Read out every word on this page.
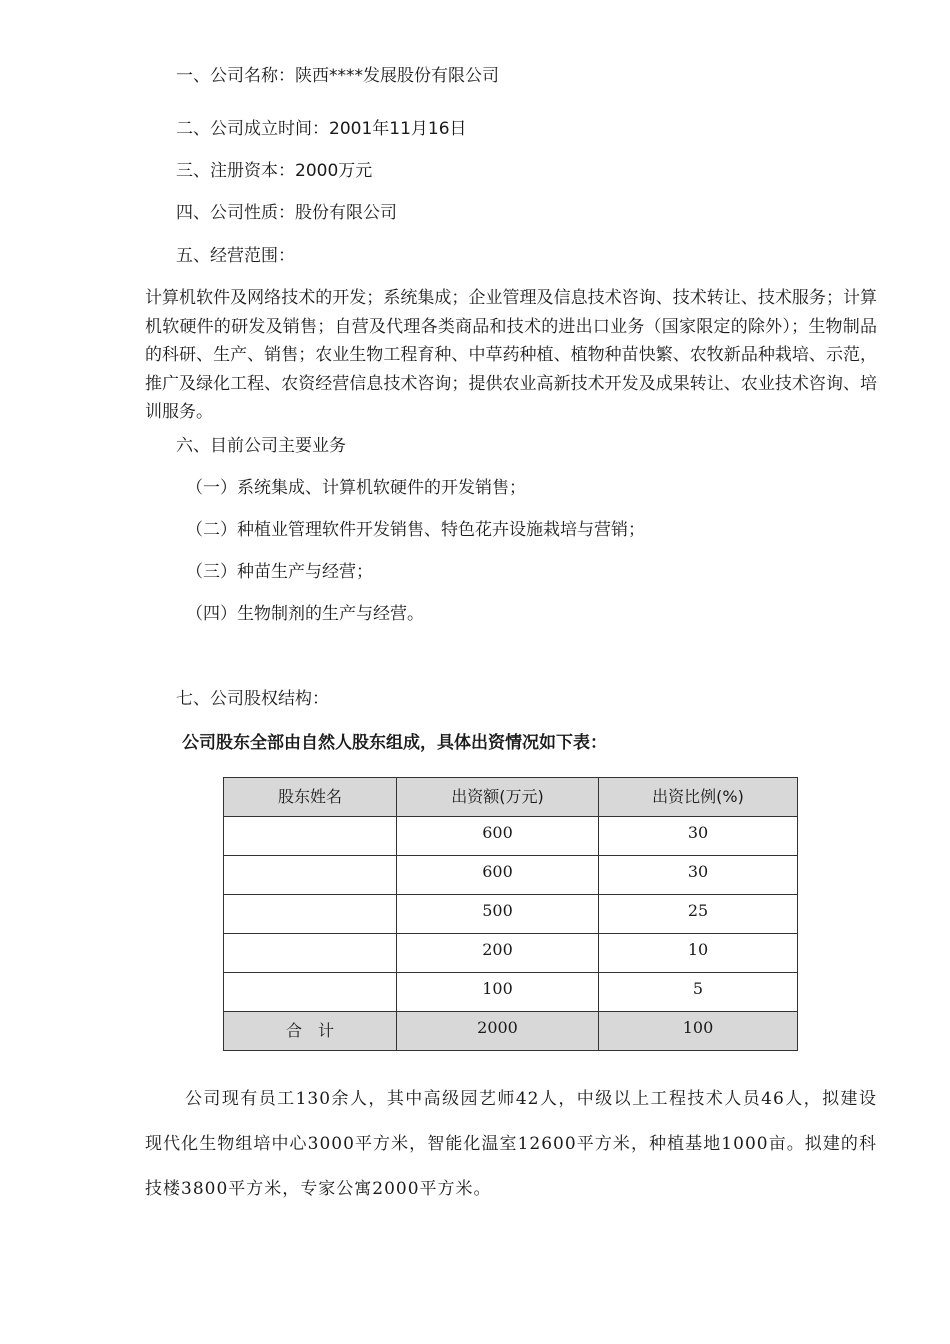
一、公司名称：陕西****发展股份有限公司
二、公司成立时间：2001年11月16日
三、注册资本：2000万元
四、公司性质：股份有限公司
五、经营范围：
计算机软件及网络技术的开发；系统集成；企业管理及信息技术咨询、技术转让、技术服务；计算机软硬件的研发及销售；自营及代理各类商品和技术的进出口业务（国家限定的除外）；生物制品的科研、生产、销售；农业生物工程育种、中草药种植、植物种苗快繁、农牧新品种栽培、示范，推广及绿化工程、农资经营信息技术咨询；提供农业高新技术开发及成果转让、农业技术咨询、培训服务。
六、目前公司主要业务
（一）系统集成、计算机软硬件的开发销售；
（二）种植业管理软件开发销售、特色花卉设施栽培与营销；
（三）种苗生产与经营；
（四）生物制剂的生产与经营。
七、公司股权结构：
公司股东全部由自然人股东组成，具体出资情况如下表：
股东姓名	出资额(万元)	出资比例(%)
	600	30
	600	30
	500	25
	200	10
	100	5
合　计	2000	100
公司现有员工130余人，其中高级园艺师42人，中级以上工程技术人员46人，拟建设现代化生物组培中心3000平方米，智能化温室12600平方米，种植基地1000亩。拟建的科技楼3800平方米，专家公寓2000平方米。
